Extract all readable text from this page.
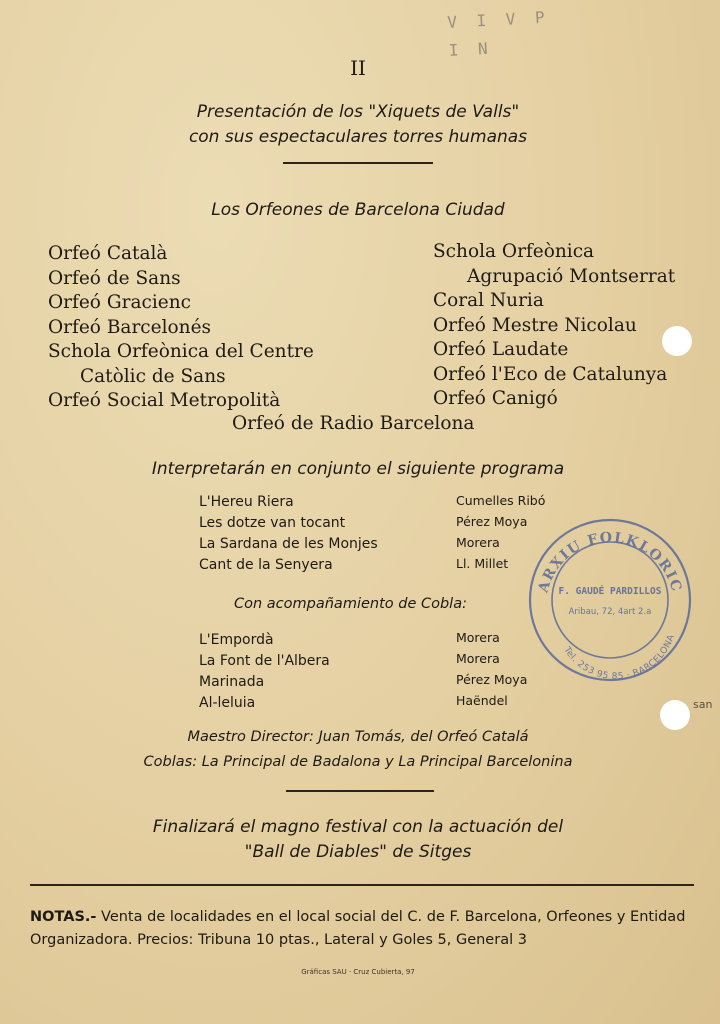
V I V P I N
II
Presentación de los "Xiquets de Valls"
con sus espectaculares torres humanas
Los Orfeones de Barcelona Ciudad
Orfeó Català
Orfeó de Sans
Orfeó Gracienc
Orfeó Barcelonés
Schola Orfeònica del Centre
Catòlic de Sans
Orfeó Social Metropolità
Schola Orfeònica
Agrupació Montserrat
Coral Nuria
Orfeó Mestre Nicolau
Orfeó Laudate
Orfeó l'Eco de Catalunya
Orfeó Canigó
Orfeó de Radio Barcelona
Interpretarán en conjunto el siguiente programa
L'Hereu Riera
Les dotze van tocant
La Sardana de les Monjes
Cant de la Senyera
Cumelles Ribó
Pérez Moya
Morera
Ll. Millet
Con acompañamiento de Cobla:
L'Empordà
La Font de l'Albera
Marinada
Al-leluia
Morera
Morera
Pérez Moya
Haëndel
Maestro Director: Juan Tomás, del Orfeó Catalá
Coblas: La Principal de Badalona y La Principal Barcelonina
Finalizará el magno festival con la actuación del
"Ball de Diables" de Sitges
NOTAS.- Venta de localidades en el local social del C. de F. Barcelona, Orfeones y Entidad Organizadora. Precios: Tribuna 10 ptas., Lateral y Goles 5, General 3
Gráficas SAU · Cruz Cubierta, 97
san
ARXIU FOLKLORIC
F. GAUDÉ PARDILLOS
Aribau, 72, 4art 2.a
Tel. 253 95 85 · BARCELONA
